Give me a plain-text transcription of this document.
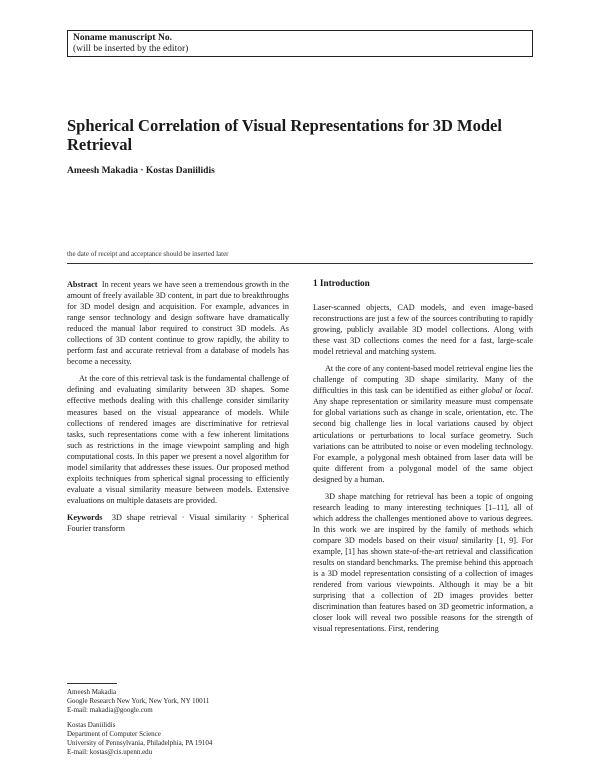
Noname manuscript No.
(will be inserted by the editor)
Spherical Correlation of Visual Representations for 3D Model Retrieval
Ameesh Makadia · Kostas Daniilidis
the date of receipt and acceptance should be inserted later

Abstract In recent years we have seen a tremendous growth in the amount of freely available 3D content, in part due to breakthroughs for 3D model design and acquisition. For example, advances in range sensor technology and design software have dramatically reduced the manual labor required to construct 3D models. As collections of 3D content continue to grow rapidly, the ability to perform fast and accurate retrieval from a database of models has become a necessity.

At the core of this retrieval task is the fundamental challenge of defining and evaluating similarity between 3D shapes. Some effective methods dealing with this challenge consider similarity measures based on the visual appearance of models. While collections of rendered images are discriminative for retrieval tasks, such representations come with a few inherent limitations such as restrictions in the image viewpoint sampling and high computational costs. In this paper we present a novel algorithm for model similarity that addresses these issues. Our proposed method exploits techniques from spherical signal processing to efficiently evaluate a visual similarity measure between models. Extensive evaluations on multiple datasets are provided.

Keywords 3D shape retrieval · Visual similarity · Spherical Fourier transform

Ameesh Makadia
Google Research New York, New York, NY 10011
E-mail: makadia@google.com
Kostas Daniilidis
Department of Computer Science
University of Pennsylvania, Philadelphia, PA 19104
E-mail: kostas@cis.upenn.edu
1 Introduction

Laser-scanned objects, CAD models, and even image-based reconstructions are just a few of the sources contributing to rapidly growing, publicly available 3D model collections. Along with these vast 3D collections comes the need for a fast, large-scale model retrieval and matching system.

At the core of any content-based model retrieval engine lies the challenge of computing 3D shape similarity. Many of the difficulties in this task can be identified as either global or local. Any shape representation or similarity measure must compensate for global variations such as change in scale, orientation, etc. The second big challenge lies in local variations caused by object articulations or perturbations to local surface geometry. Such variations can be attributed to noise or even modeling technology. For example, a polygonal mesh obtained from laser data will be quite different from a polygonal model of the same object designed by a human.

3D shape matching for retrieval has been a topic of ongoing research leading to many interesting techniques [1–11], all of which address the challenges mentioned above to various degrees. In this work we are inspired by the family of methods which compare 3D models based on their visual similarity [1, 9]. For example, [1] has shown state-of-the-art retrieval and classification results on standard benchmarks. The premise behind this approach is a 3D model representation consisting of a collection of images rendered from various viewpoints. Although it may be a bit surprising that a collection of 2D images provides better discrimination than features based on 3D geometric information, a closer look will reveal two possible reasons for the strength of visual representations. First, rendering
